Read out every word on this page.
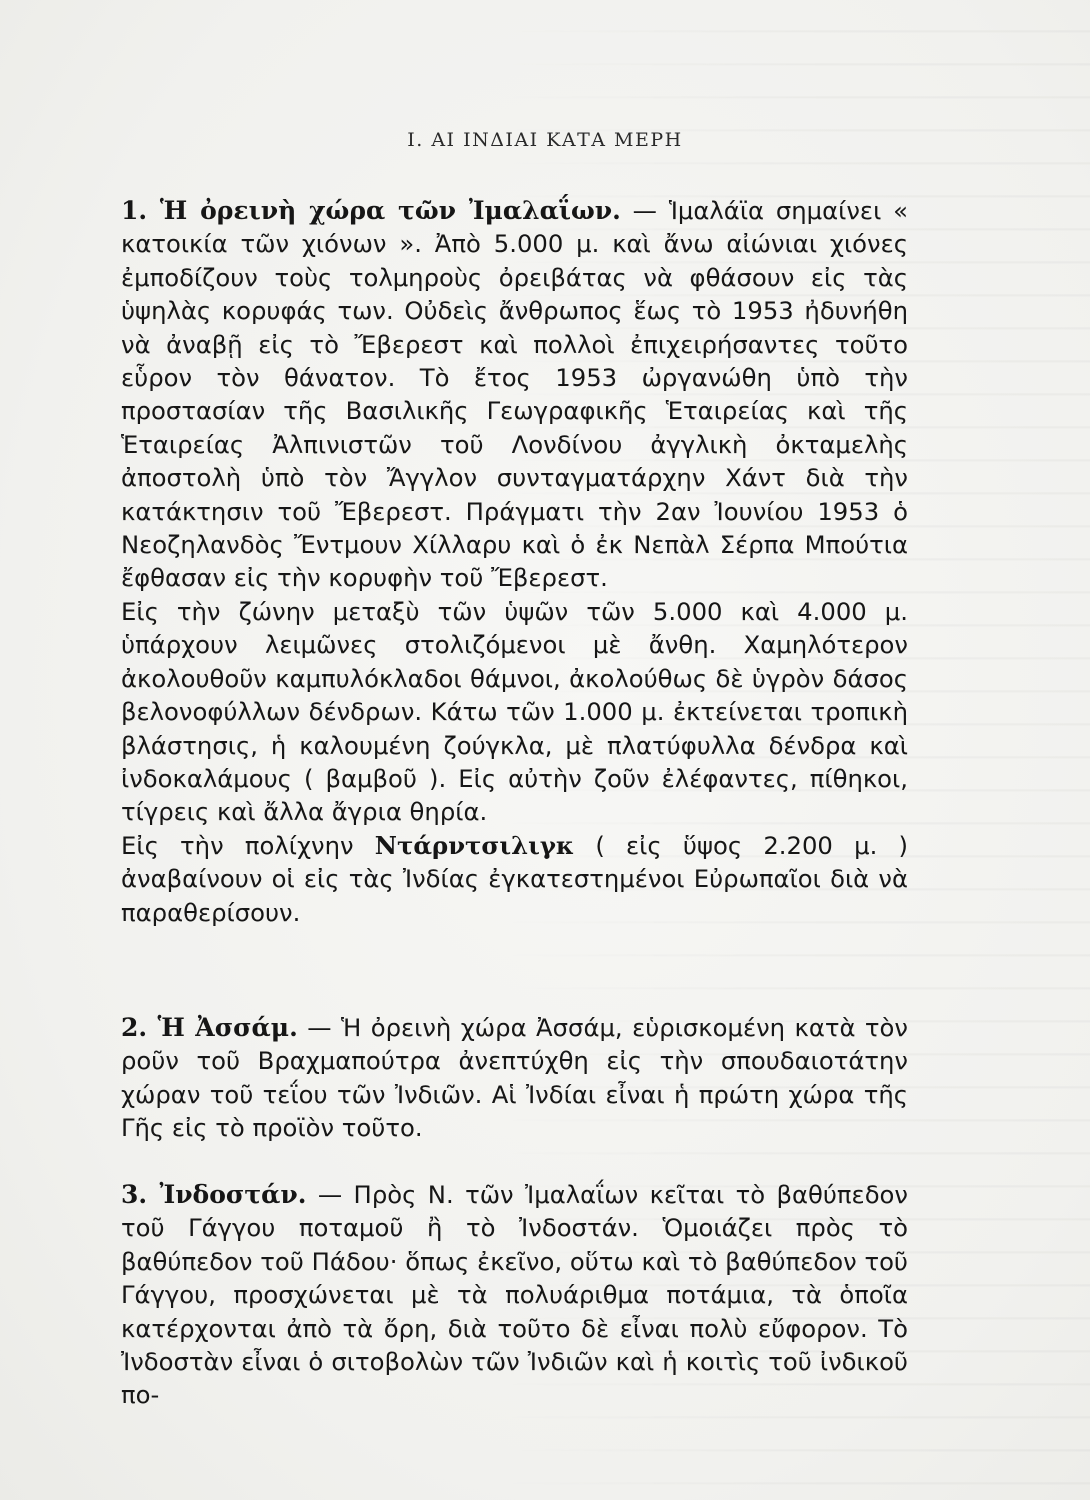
Ι. ΑΙ ΙΝΔΙΑΙ ΚΑΤΑ ΜΕΡΗ

1. Ἡ ὀρεινὴ χώρα τῶν Ἰμαλαΐων. — Ἱμαλάϊα σημαίνει « κατοικία τῶν χιόνων ». Ἀπὸ 5.000 μ. καὶ ἄνω αἰώνιαι χιόνες ἐμποδίζουν τοὺς τολμηροὺς ὀρειβάτας νὰ φθάσουν εἰς τὰς ὑψηλὰς κορυφάς των. Οὐδεὶς ἄνθρωπος ἕως τὸ 1953 ἠδυνήθη νὰ ἀναβῇ εἰς τὸ Ἔβερεστ καὶ πολλοὶ ἐπιχειρήσαντες τοῦτο εὗρον τὸν θάνατον. Τὸ ἔτος 1953 ὠργανώθη ὑπὸ τὴν προστασίαν τῆς Βασιλικῆς Γεωγραφικῆς Ἑταιρείας καὶ τῆς Ἑταιρείας Ἀλπινιστῶν τοῦ Λονδίνου ἀγγλικὴ ὀκταμελὴς ἀποστολὴ ὑπὸ τὸν Ἄγγλον συνταγματάρχην Χάντ διὰ τὴν κατάκτησιν τοῦ Ἔβερεστ. Πράγματι τὴν 2αν Ἰουνίου 1953 ὁ Νεοζηλανδὸς Ἔντμουν Χίλλαρυ καὶ ὁ ἐκ Νεπὰλ Σέρπα Μπούτια ἔφθασαν εἰς τὴν κορυφὴν τοῦ Ἔβερεστ.

Εἰς τὴν ζώνην μεταξὺ τῶν ὑψῶν τῶν 5.000 καὶ 4.000 μ. ὑπάρχουν λειμῶνες στολιζόμενοι μὲ ἄνθη. Χαμηλότερον ἀκολουθοῦν καμπυλόκλαδοι θάμνοι, ἀκολούθως δὲ ὑγρὸν δάσος βελονοφύλλων δένδρων. Κάτω τῶν 1.000 μ. ἐκτείνεται τροπικὴ βλάστησις, ἡ καλουμένη ζούγκλα, μὲ πλατύφυλλα δένδρα καὶ ἰνδοκαλάμους ( βαμβοῦ ). Εἰς αὐτὴν ζοῦν ἐλέφαντες, πίθηκοι, τίγρεις καὶ ἄλλα ἄγρια θηρία.

Εἰς τὴν πολίχνην Ντάρντσιλιγκ ( εἰς ὕψος 2.200 μ. ) ἀναβαίνουν οἱ εἰς τὰς Ἰνδίας ἐγκατεστημένοι Εὐρωπαῖοι διὰ νὰ παραθερίσουν.

2. Ἡ Ἀσσάμ. — Ἡ ὀρεινὴ χώρα Ἀσσάμ, εὑρισκομένη κατὰ τὸν ροῦν τοῦ Βραχμαπούτρα ἀνεπτύχθη εἰς τὴν σπουδαιοτάτην χώραν τοῦ τεΐου τῶν Ἰνδιῶν. Αἱ Ἰνδίαι εἶναι ἡ πρώτη χώρα τῆς Γῆς εἰς τὸ προϊὸν τοῦτο.

3. Ἰνδοστάν. — Πρὸς Ν. τῶν Ἰμαλαΐων κεῖται τὸ βαθύπεδον τοῦ Γάγγου ποταμοῦ ἢ τὸ Ἰνδοστάν. Ὁμοιάζει πρὸς τὸ βαθύπεδον τοῦ Πάδου· ὅπως ἐκεῖνο, οὕτω καὶ τὸ βαθύπεδον τοῦ Γάγγου, προσχώνεται μὲ τὰ πολυάριθμα ποτάμια, τὰ ὁποῖα κατέρχονται ἀπὸ τὰ ὄρη, διὰ τοῦτο δὲ εἶναι πολὺ εὔφορον. Τὸ Ἰνδοστὰν εἶναι ὁ σιτοβολὼν τῶν Ἰνδιῶν καὶ ἡ κοιτὶς τοῦ ἰνδικοῦ πο-
